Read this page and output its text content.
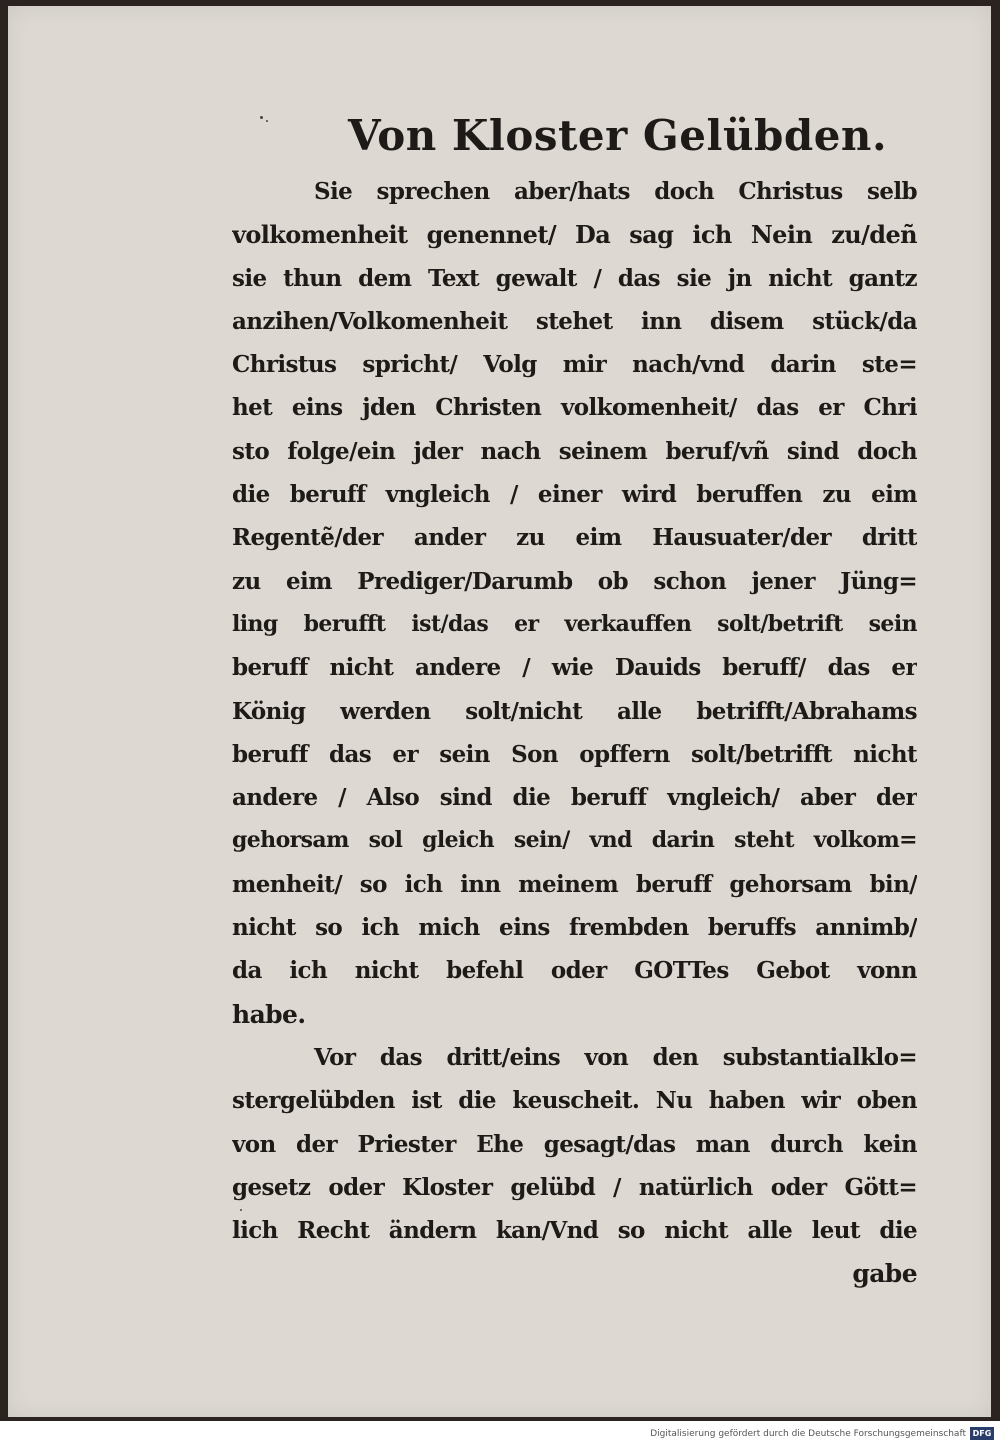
Von Kloster Gelübden.
Sie sprechen aber/hats doch Christus selb
volkomenheit genennet/ Da sag ich Nein zu/deñ
sie thun dem Text gewalt / das sie jn nicht gantz
anzihen/Volkomenheit stehet inn disem stück/da
Christus spricht/ Volg mir nach/vnd darin ste=
het eins jden Christen volkomenheit/ das er Chri
sto folge/ein jder nach seinem beruf/vñ sind doch
die beruff vngleich / einer wird beruffen zu eim
Regentẽ/der ander zu eim Hausuater/der dritt
zu eim Prediger/Darumb ob schon jener Jüng=
ling berufft ist/das er verkauffen solt/betrift sein
beruff nicht andere / wie Dauids beruff/ das er
König werden solt/nicht alle betrifft/Abrahams
beruff das er sein Son opffern solt/betrifft nicht
andere / Also sind die beruff vngleich/ aber der
gehorsam sol gleich sein/ vnd darin steht volkom=
menheit/ so ich inn meinem beruff gehorsam bin/
nicht so ich mich eins frembden beruffs annimb/
da ich nicht befehl oder GOTTes Gebot vonn
habe.
Vor das dritt/eins von den substantialklo=
stergelübden ist die keuscheit. Nu haben wir oben
von der Priester Ehe gesagt/das man durch kein
gesetz oder Kloster gelübd / natürlich oder Gött=
lich Recht ändern kan/Vnd so nicht alle leut die
gabe
Digitalisierung gefördert durch die Deutsche Forschungsgemeinschaft DFG
